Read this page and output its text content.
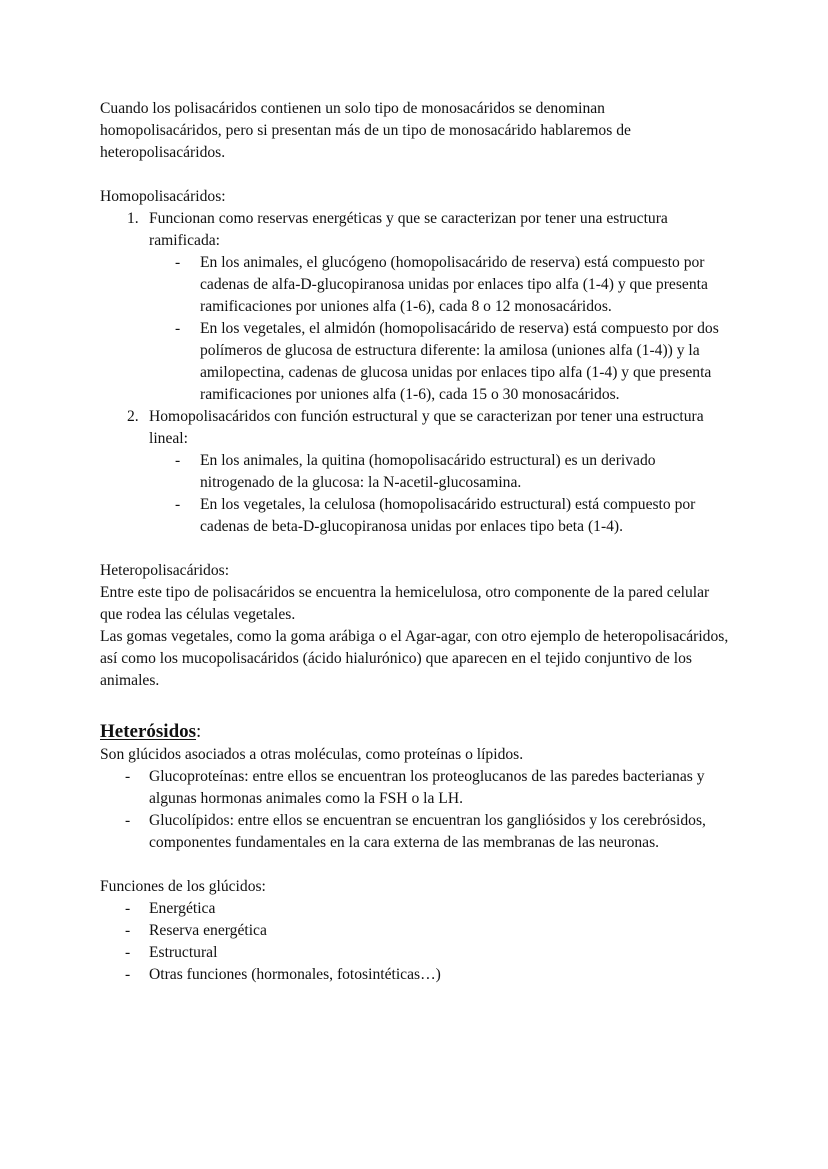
Cuando los polisacáridos contienen un solo tipo de monosacáridos se denominan homopolisacáridos, pero si presentan más de un tipo de monosacárido hablaremos de heteropolisacáridos.

Homopolisacáridos:

1. Funcionan como reservas energéticas y que se caracterizan por tener una estructura ramificada:
- En los animales, el glucógeno (homopolisacárido de reserva) está compuesto por cadenas de alfa-D-glucopiranosa unidas por enlaces tipo alfa (1-4) y que presenta ramificaciones por uniones alfa (1-6), cada 8 o 12 monosacáridos.
- En los vegetales, el almidón (homopolisacárido de reserva) está compuesto por dos polímeros de glucosa de estructura diferente: la amilosa (uniones alfa (1-4)) y la amilopectina, cadenas de glucosa unidas por enlaces tipo alfa (1-4) y que presenta ramificaciones por uniones alfa (1-6), cada 15 o 30 monosacáridos.
2. Homopolisacáridos con función estructural y que se caracterizan por tener una estructura lineal:
- En los animales, la quitina (homopolisacárido estructural) es un derivado nitrogenado de la glucosa: la N-acetil-glucosamina.
- En los vegetales, la celulosa (homopolisacárido estructural) está compuesto por cadenas de beta-D-glucopiranosa unidas por enlaces tipo beta (1-4).

Heteropolisacáridos:

Entre este tipo de polisacáridos se encuentra la hemicelulosa, otro componente de la pared celular que rodea las células vegetales.

Las gomas vegetales, como la goma arábiga o el Agar-agar, con otro ejemplo de heteropolisacáridos, así como los mucopolisacáridos (ácido hialurónico) que aparecen en el tejido conjuntivo de los animales.

Heterósidos:

Son glúcidos asociados a otras moléculas, como proteínas o lípidos.

- Glucoproteínas: entre ellos se encuentran los proteoglucanos de las paredes bacterianas y algunas hormonas animales como la FSH o la LH.
- Glucolípidos: entre ellos se encuentran se encuentran los gangliósidos y los cerebrósidos, componentes fundamentales en la cara externa de las membranas de las neuronas.

Funciones de los glúcidos:

- Energética
- Reserva energética
- Estructural
- Otras funciones (hormonales, fotosintéticas…)
